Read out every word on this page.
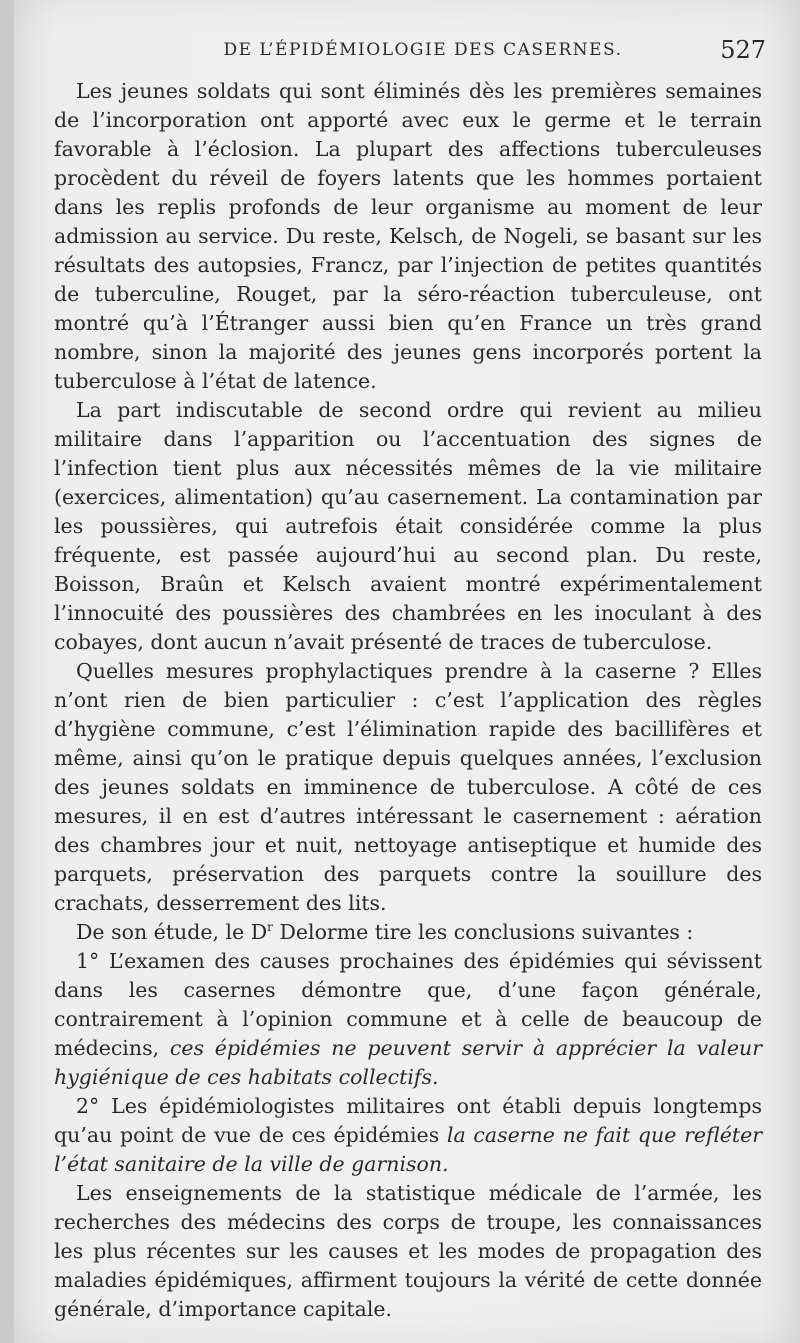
DE L’ÉPIDÉMIOLOGIE DES CASERNES.	527

Les jeunes soldats qui sont éliminés dès les premières semaines de l’incorporation ont apporté avec eux le germe et le terrain favorable à l’éclosion. La plupart des affections tuberculeuses procèdent du réveil de foyers latents que les hommes portaient dans les replis profonds de leur organisme au moment de leur admission au service. Du reste, Kelsch, de Nogeli, se basant sur les résultats des autopsies, Francz, par l’injection de petites quantités de tuberculine, Rouget, par la séro-réaction tuberculeuse, ont montré qu’à l’Étranger aussi bien qu’en France un très grand nombre, sinon la majorité des jeunes gens incorporés portent la tuberculose à l’état de latence.

La part indiscutable de second ordre qui revient au milieu militaire dans l’apparition ou l’accentuation des signes de l’infection tient plus aux nécessités mêmes de la vie militaire (exercices, alimentation) qu’au casernement. La contamination par les poussières, qui autrefois était considérée comme la plus fréquente, est passée aujourd’hui au second plan. Du reste, Boisson, Braûn et Kelsch avaient montré expérimentalement l’innocuité des poussières des chambrées en les inoculant à des cobayes, dont aucun n’avait présenté de traces de tuberculose.

Quelles mesures prophylactiques prendre à la caserne ? Elles n’ont rien de bien particulier : c’est l’application des règles d’hygiène commune, c’est l’élimination rapide des bacillifères et même, ainsi qu’on le pratique depuis quelques années, l’exclusion des jeunes soldats en imminence de tuberculose. A côté de ces mesures, il en est d’autres intéressant le casernement : aération des chambres jour et nuit, nettoyage antiseptique et humide des parquets, préservation des parquets contre la souillure des crachats, desserrement des lits.

De son étude, le $D^r$ Delorme tire les conclusions suivantes :

1° L’examen des causes prochaines des épidémies qui sévissent dans les casernes démontre que, d’une façon générale, contrairement à l’opinion commune et à celle de beaucoup de médecins, ces épidémies ne peuvent servir à apprécier la valeur hygiénique de ces habitats collectifs.

2° Les épidémiologistes militaires ont établi depuis longtemps qu’au point de vue de ces épidémies la caserne ne fait que refléter l’état sanitaire de la ville de garnison.

Les enseignements de la statistique médicale de l’armée, les recherches des médecins des corps de troupe, les connaissances les plus récentes sur les causes et les modes de propagation des maladies épidémiques, affirment toujours la vérité de cette donnée générale, d’importance capitale.
